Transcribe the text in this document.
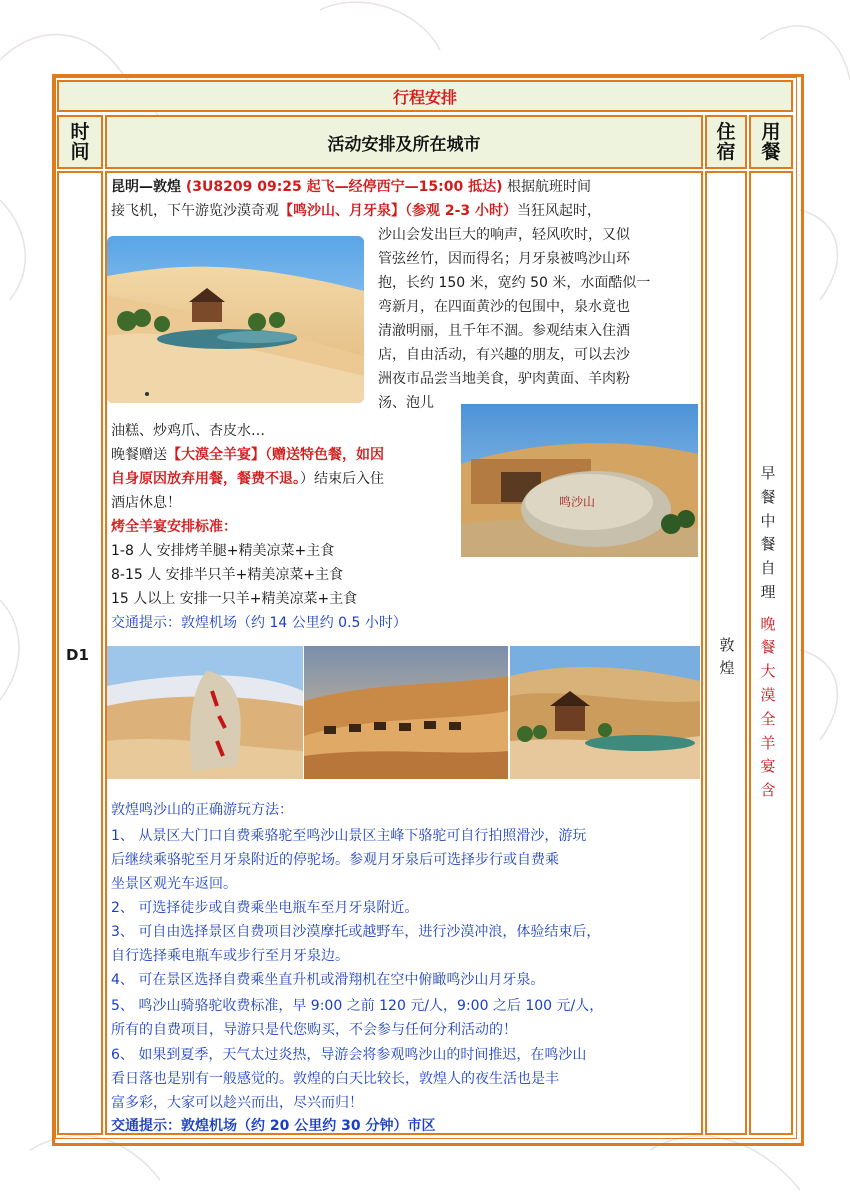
行程安排
时间	活动安排及所在城市
住宿
用餐
D1
敦煌
早餐中餐自理

晚餐大漠全羊宴含
昆明—敦煌 (3U8209 09:25 起飞—经停西宁—15:00 抵达) 根据航班时间
接飞机，下午游览沙漠奇观【鸣沙山、月牙泉】（参观 2-3 小时）当狂风起时，
沙山会发出巨大的响声，轻风吹时，又似
管弦丝竹，因而得名；月牙泉被鸣沙山环
抱，长约 150 米，宽约 50 米，水面酷似一
弯新月，在四面黄沙的包围中，泉水竟也
清澈明丽，且千年不涸。参观结束入住酒
店，自由活动，有兴趣的朋友，可以去沙
洲夜市品尝当地美食，驴肉黄面、羊肉粉
汤、泡儿
油糕、炒鸡爪、杏皮水…
晚餐赠送【大漠全羊宴】（赠送特色餐，如因
自身原因放弃用餐，餐费不退。）结束后入住
酒店休息！
烤全羊宴安排标准：
1-8 人 安排烤羊腿+精美凉菜+主食
8-15 人 安排半只羊+精美凉菜+主食
15 人以上 安排一只羊+精美凉菜+主食
交通提示：敦煌机场（约 14 公里约 0.5 小时）
鸣沙山
敦煌鸣沙山的正确游玩方法：
1、 从景区大门口自费乘骆驼至鸣沙山景区主峰下骆驼可自行拍照滑沙，游玩
后继续乘骆驼至月牙泉附近的停驼场。参观月牙泉后可选择步行或自费乘
坐景区观光车返回。
2、 可选择徒步或自费乘坐电瓶车至月牙泉附近。
3、 可自由选择景区自费项目沙漠摩托或越野车，进行沙漠冲浪，体验结束后，
自行选择乘电瓶车或步行至月牙泉边。
4、 可在景区选择自费乘坐直升机或滑翔机在空中俯瞰鸣沙山月牙泉。
5、 鸣沙山骑骆驼收费标准，早 9:00 之前 120 元/人，9:00 之后 100 元/人，
所有的自费项目，导游只是代您购买，不会参与任何分利活动的！
6、 如果到夏季，天气太过炎热，导游会将参观鸣沙山的时间推迟，在鸣沙山
看日落也是别有一般感觉的。敦煌的白天比较长，敦煌人的夜生活也是丰
富多彩，大家可以趁兴而出，尽兴而归！
交通提示：敦煌机场（约 20 公里约 30 分钟）市区
